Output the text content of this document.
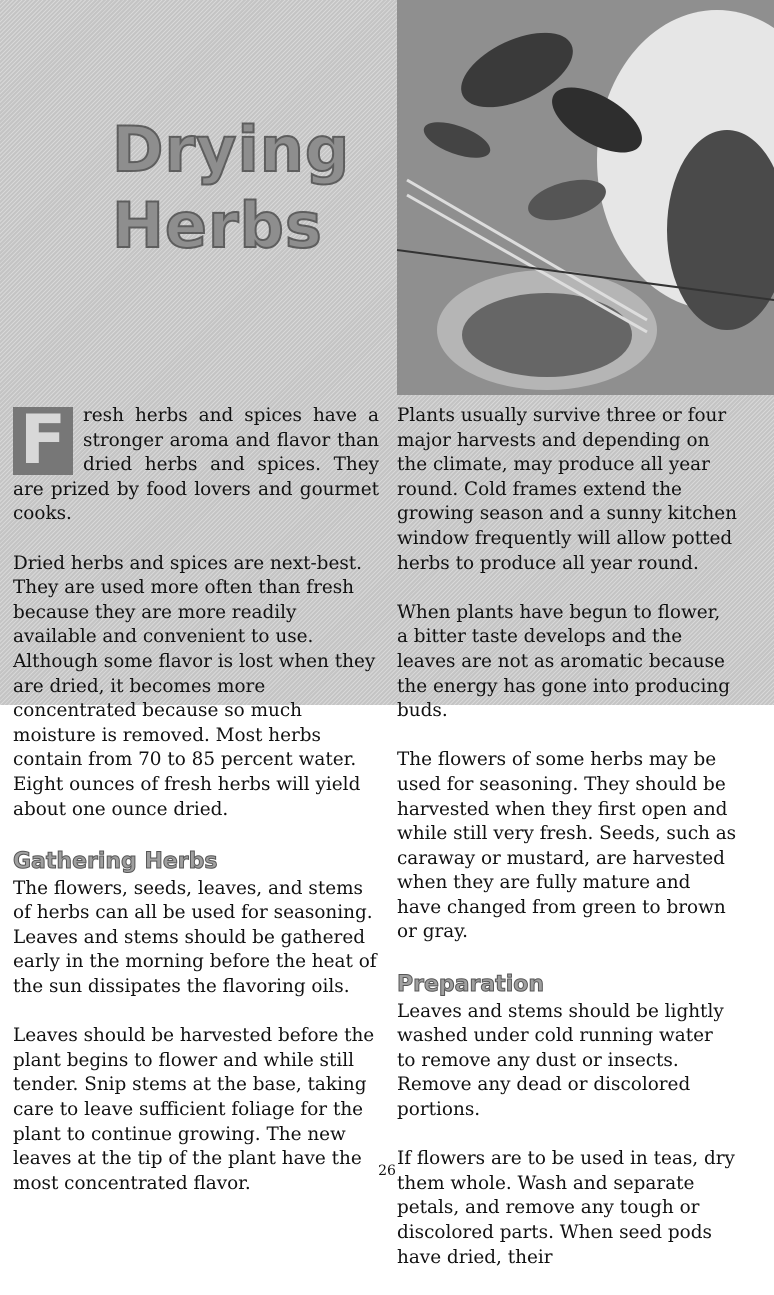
Drying
Herbs

F resh herbs and spices have a stronger aroma and flavor than dried herbs and spices. They are prized by food lovers and gourmet cooks.

Dried herbs and spices are next-best. They are used more often than fresh because they are more readily available and convenient to use. Although some flavor is lost when they are dried, it becomes more concentrated because so much moisture is removed. Most herbs contain from 70 to 85 percent water. Eight ounces of fresh herbs will yield about one ounce dried.

Gathering Herbs

The flowers, seeds, leaves, and stems of herbs can all be used for seasoning. Leaves and stems should be gathered early in the morning before the heat of the sun dissipates the flavoring oils.

Leaves should be harvested before the plant begins to flower and while still tender. Snip stems at the base, taking care to leave sufficient foliage for the plant to continue growing. The new leaves at the tip of the plant have the most concentrated flavor.

Plants usually survive three or four major harvests and depending on the climate, may produce all year round. Cold frames extend the growing season and a sunny kitchen window frequently will allow potted herbs to produce all year round.

When plants have begun to flower, a bitter taste develops and the leaves are not as aromatic because the energy has gone into producing buds.

The flowers of some herbs may be used for seasoning. They should be harvested when they first open and while still very fresh. Seeds, such as caraway or mustard, are harvested when they are fully mature and have changed from green to brown or gray.

Preparation

Leaves and stems should be lightly washed under cold running water to remove any dust or insects. Remove any dead or discolored portions.

If flowers are to be used in teas, dry them whole. Wash and separate petals, and remove any tough or discolored parts. When seed pods have dried, their

26
